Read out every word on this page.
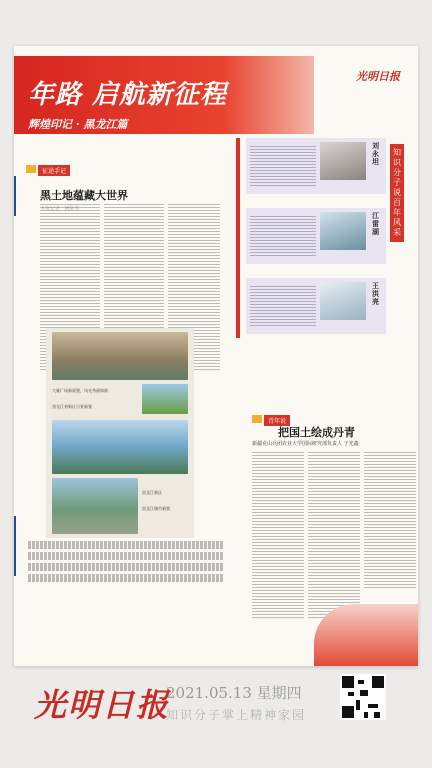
年路 启航新征程
辉煌印记 · 黑龙江篇
光明日报
征途手记
黑土地蕴藏大世界
大雁广场新面貌，风光秀丽如画
黑龙江省新区日景新貌
黑龙江新区
黑龙江城市新貌
刘永坦
江雷湖
王洪亮
知识分子说百年风采
青年说
把国土绘成丹青
新疆克山兵团农业大学国际研究部负责人 于光鑫
光明日报
2021.05.13 星期四
知识分子掌上精神家园
